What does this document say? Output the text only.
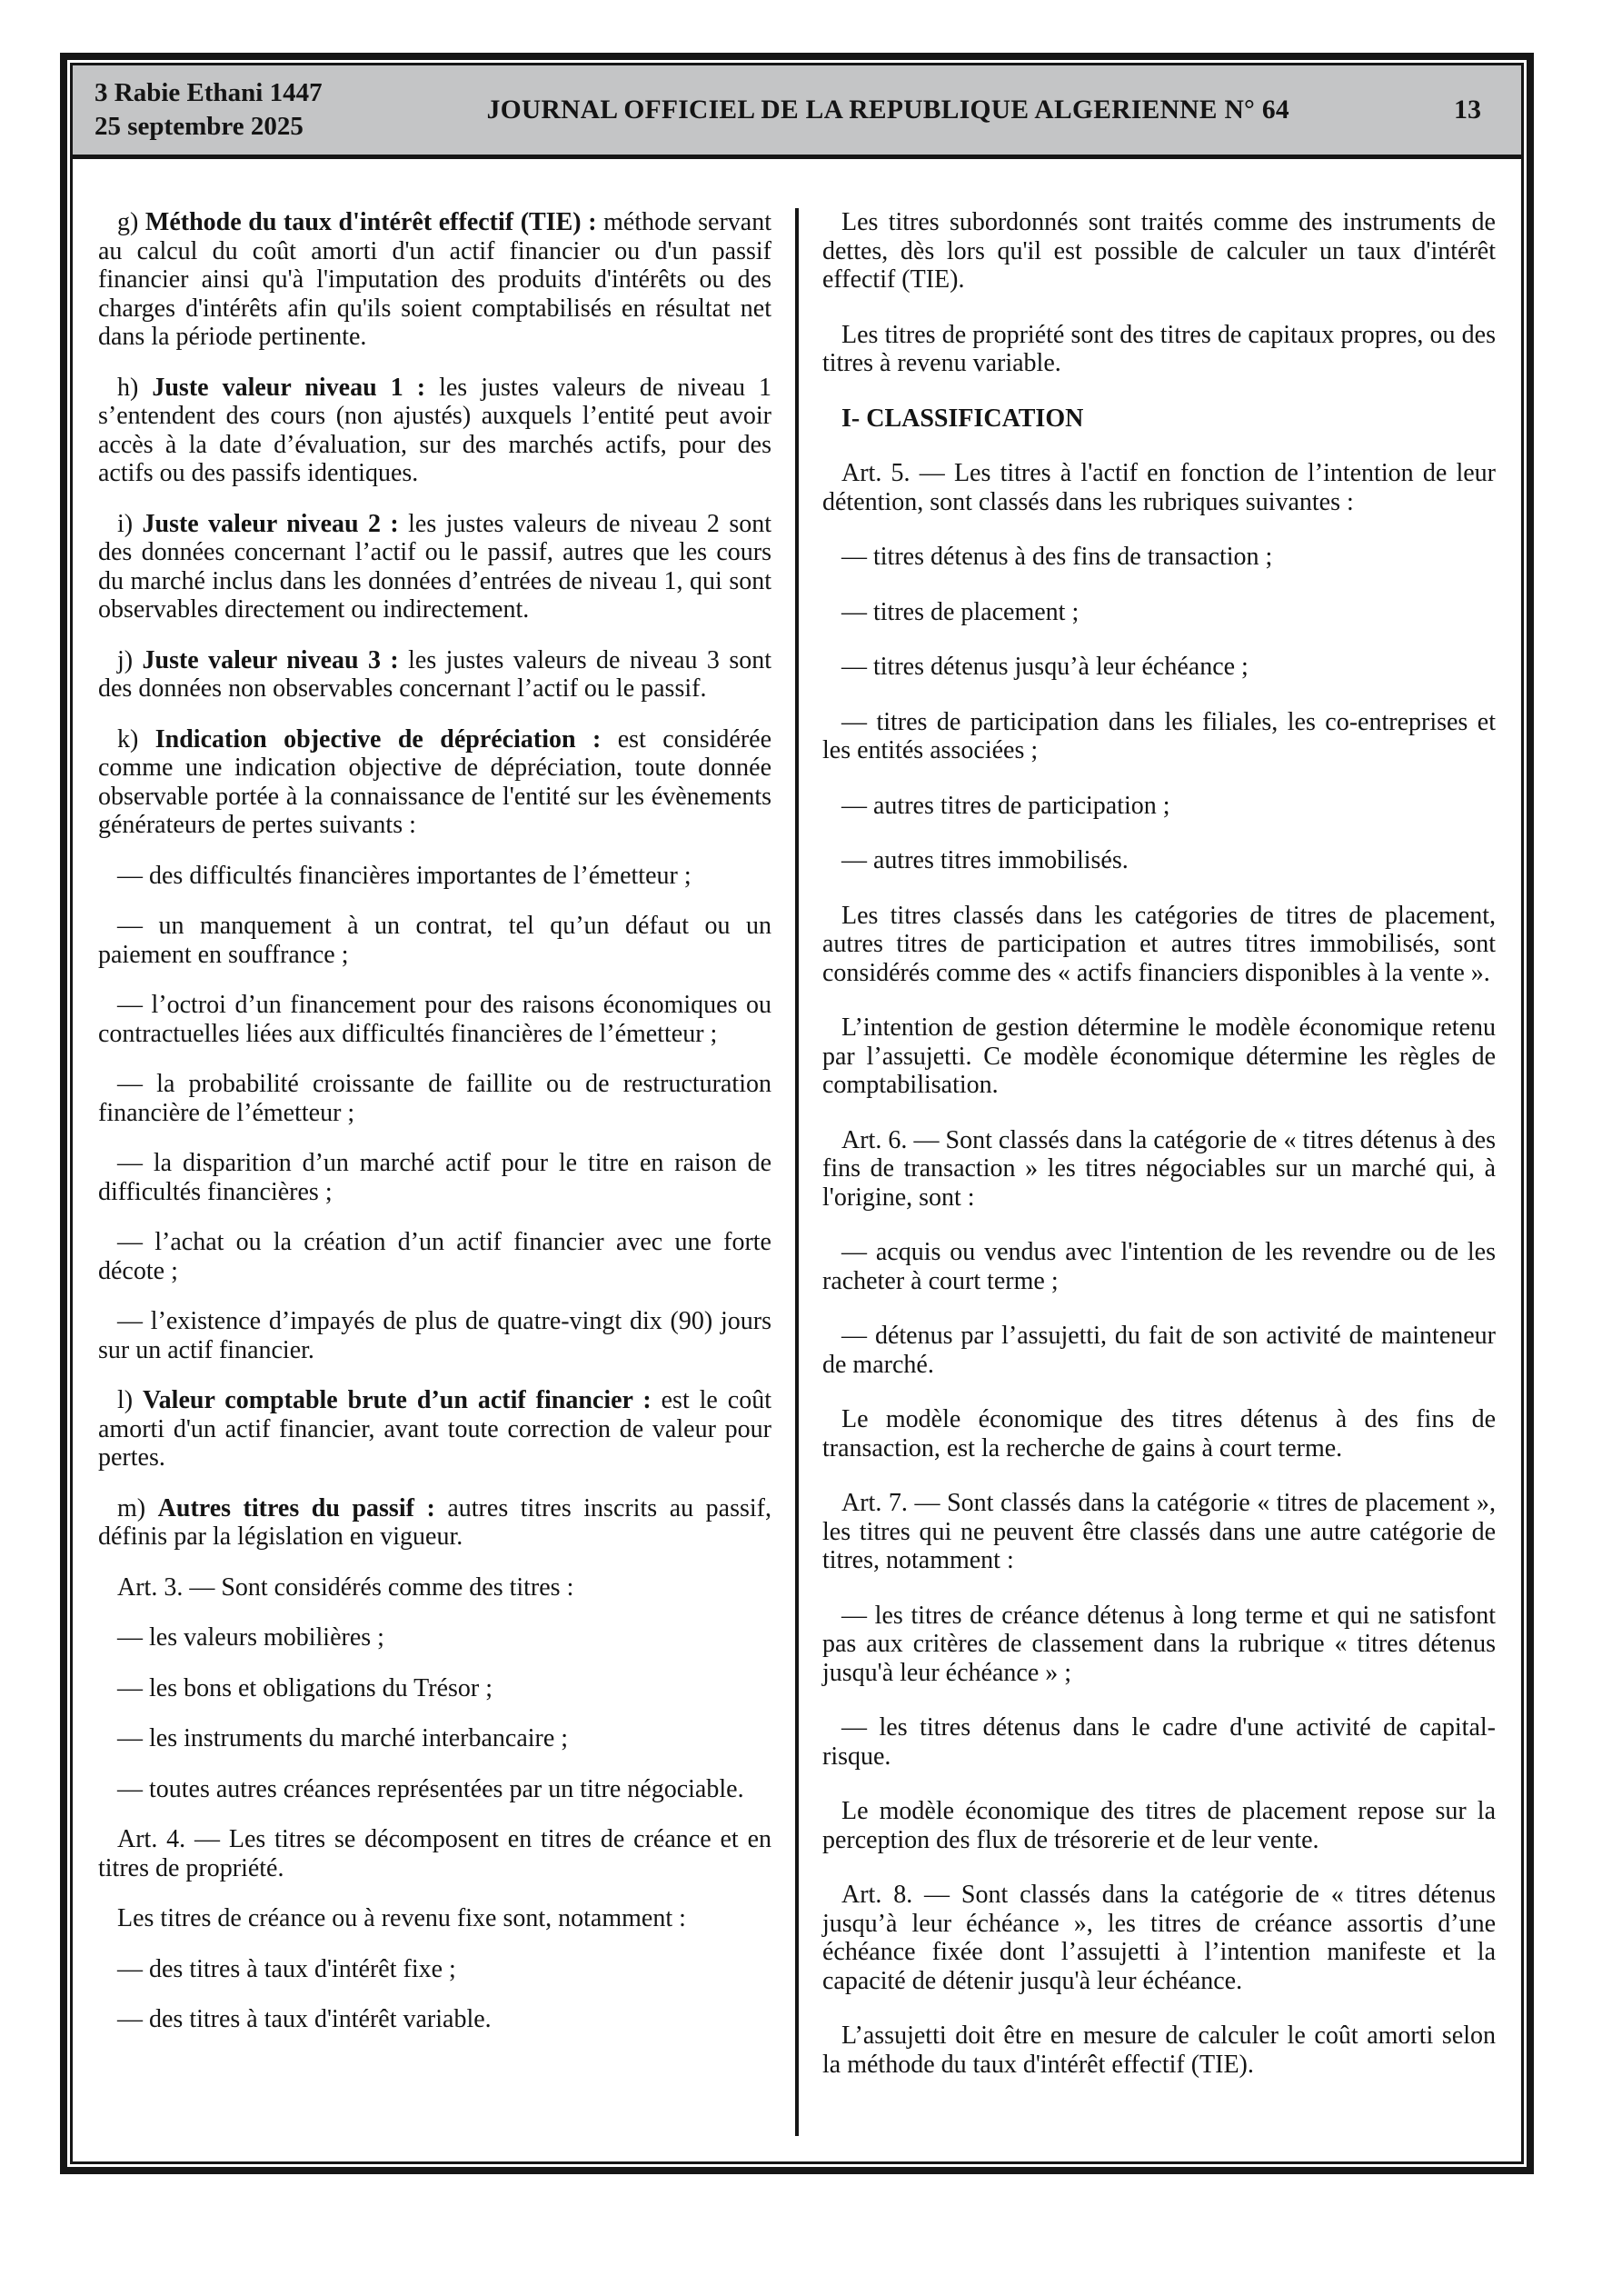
3 Rabie Ethani 1447
25 septembre 2025
JOURNAL OFFICIEL DE LA REPUBLIQUE ALGERIENNE N° 64	13

g) Méthode du taux d'intérêt effectif (TIE) : méthode servant au calcul du coût amorti d'un actif financier ou d'un passif financier ainsi qu'à l'imputation des produits d'intérêts ou des charges d'intérêts afin qu'ils soient comptabilisés en résultat net dans la période pertinente.

h) Juste valeur niveau 1 : les justes valeurs de niveau 1 s’entendent des cours (non ajustés) auxquels l’entité peut avoir accès à la date d’évaluation, sur des marchés actifs, pour des actifs ou des passifs identiques.

i) Juste valeur niveau 2 : les justes valeurs de niveau 2 sont des données concernant l’actif ou le passif, autres que les cours du marché inclus dans les données d’entrées de niveau 1, qui sont observables directement ou indirectement.

j) Juste valeur niveau 3 : les justes valeurs de niveau 3 sont des données non observables concernant l’actif ou le passif.

k) Indication objective de dépréciation : est considérée comme une indication objective de dépréciation, toute donnée observable portée à la connaissance de l'entité sur les évènements générateurs de pertes suivants :

— des difficultés financières importantes de l’émetteur ;

— un manquement à un contrat, tel qu’un défaut ou un paiement en souffrance ;

— l’octroi d’un financement pour des raisons économiques ou contractuelles liées aux difficultés financières de l’émetteur ;

— la probabilité croissante de faillite ou de restructuration financière de l’émetteur ;

— la disparition d’un marché actif pour le titre en raison de difficultés financières ;

— l’achat ou la création d’un actif financier avec une forte décote ;

— l’existence d’impayés de plus de quatre-vingt dix (90) jours sur un actif financier.

l) Valeur comptable brute d’un actif financier : est le coût amorti d'un actif financier, avant toute correction de valeur pour pertes.

m) Autres titres du passif : autres titres inscrits au passif, définis par la législation en vigueur.

Art. 3. — Sont considérés comme des titres :

— les valeurs mobilières ;

— les bons et obligations du Trésor ;

— les instruments du marché interbancaire ;

— toutes autres créances représentées par un titre négociable.

Art. 4. — Les titres se décomposent en titres de créance et en titres de propriété.

Les titres de créance ou à revenu fixe sont, notamment :

— des titres à taux d'intérêt fixe ;

— des titres à taux d'intérêt variable.

Les titres subordonnés sont traités comme des instruments de dettes, dès lors qu'il est possible de calculer un taux d'intérêt effectif (TIE).

Les titres de propriété sont des titres de capitaux propres, ou des titres à revenu variable.

I- CLASSIFICATION

Art. 5. — Les titres à l'actif en fonction de l’intention de leur détention, sont classés dans les rubriques suivantes :

— titres détenus à des fins de transaction ;

— titres de placement ;

— titres détenus jusqu’à leur échéance ;

— titres de participation dans les filiales, les co-entreprises et les entités associées ;

— autres titres de participation ;

— autres titres immobilisés.

Les titres classés dans les catégories de titres de placement, autres titres de participation et autres titres immobilisés, sont considérés comme des « actifs financiers disponibles à la vente ».

L’intention de gestion détermine le modèle économique retenu par l’assujetti. Ce modèle économique détermine les règles de comptabilisation.

Art. 6. — Sont classés dans la catégorie de « titres détenus à des fins de transaction » les titres négociables sur un marché qui, à l'origine, sont :

— acquis ou vendus avec l'intention de les revendre ou de les racheter à court terme ;

— détenus par l’assujetti, du fait de son activité de mainteneur de marché.

Le modèle économique des titres détenus à des fins de transaction, est la recherche de gains à court terme.

Art. 7. — Sont classés dans la catégorie « titres de placement », les titres qui ne peuvent être classés dans une autre catégorie de titres, notamment :

— les titres de créance détenus à long terme et qui ne satisfont pas aux critères de classement dans la rubrique « titres détenus jusqu'à leur échéance » ;

— les titres détenus dans le cadre d'une activité de capital-risque.

Le modèle économique des titres de placement repose sur la perception des flux de trésorerie et de leur vente.

Art. 8. — Sont classés dans la catégorie de « titres détenus jusqu’à leur échéance », les titres de créance assortis d’une échéance fixée dont l’assujetti à l’intention manifeste et la capacité de détenir jusqu'à leur échéance.

L’assujetti doit être en mesure de calculer le coût amorti selon la méthode du taux d'intérêt effectif (TIE).
